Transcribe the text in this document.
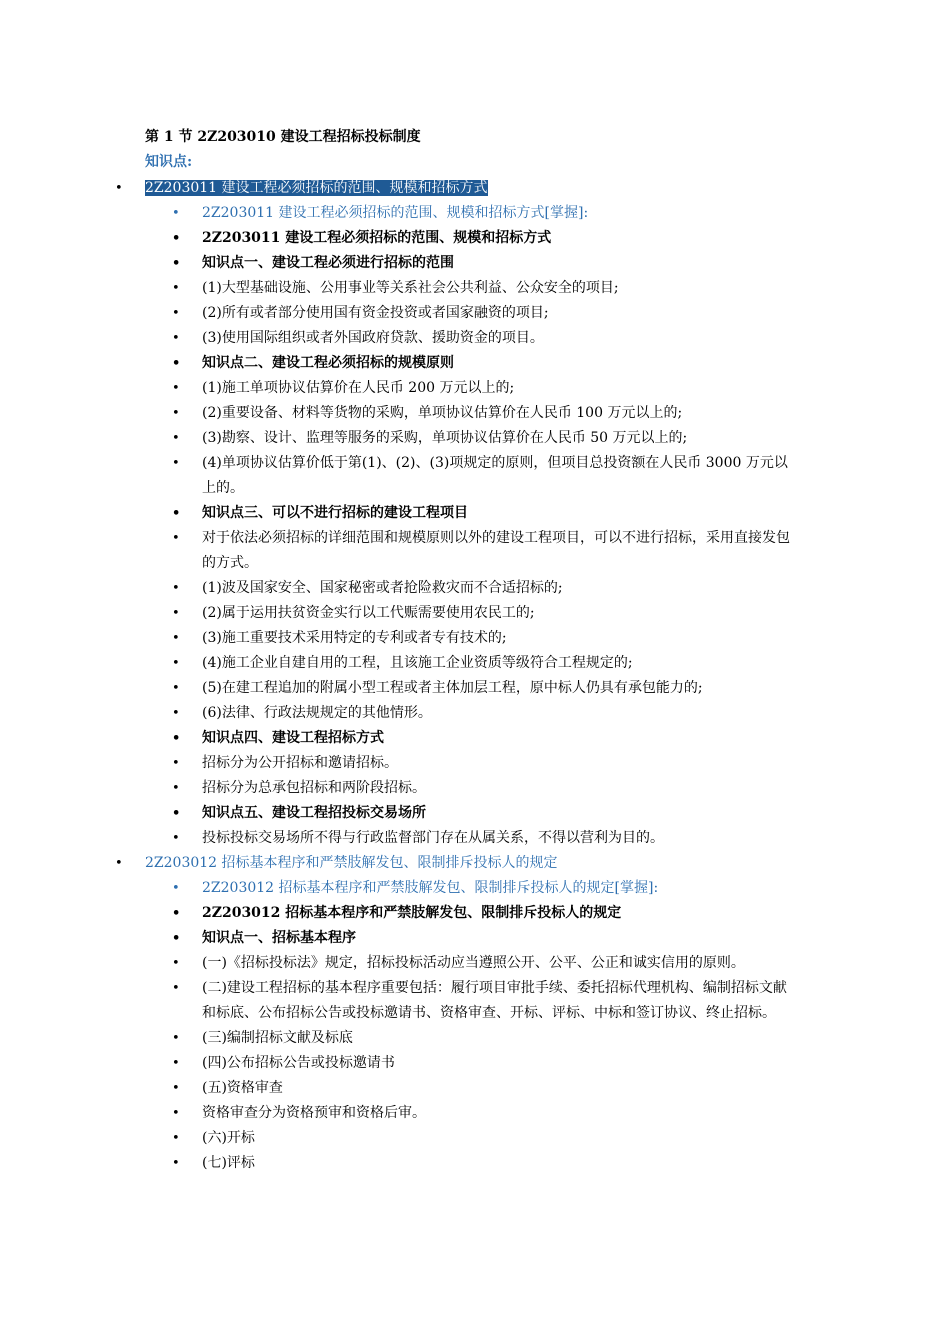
第 1 节 2Z203010 建设工程招标投标制度
知识点:
• 2Z203011 建设工程必须招标的范围、规模和招标方式
• 2Z203011 建设工程必须招标的范围、规模和招标方式[掌握]:
• 2Z203011 建设工程必须招标的范围、规模和招标方式
• 知识点一、建设工程必须进行招标的范围
• (1)大型基础设施、公用事业等关系社会公共利益、公众安全的项目;
• (2)所有或者部分使用国有资金投资或者国家融资的项目;
• (3)使用国际组织或者外国政府贷款、援助资金的项目。
• 知识点二、建设工程必须招标的规模原则
• (1)施工单项协议估算价在人民币 200 万元以上的;
• (2)重要设备、材料等货物的采购，单项协议估算价在人民币 100 万元以上的;
• (3)勘察、设计、监理等服务的采购，单项协议估算价在人民币 50 万元以上的;
• (4)单项协议估算价低于第(1)、(2)、(3)项规定的原则，但项目总投资额在人民币 3000 万元以上的。
• 知识点三、可以不进行招标的建设工程项目
• 对于依法必须招标的详细范围和规模原则以外的建设工程项目，可以不进行招标，采用直接发包的方式。
• (1)波及国家安全、国家秘密或者抢险救灾而不合适招标的;
• (2)属于运用扶贫资金实行以工代赈需要使用农民工的;
• (3)施工重要技术采用特定的专利或者专有技术的;
• (4)施工企业自建自用的工程，且该施工企业资质等级符合工程规定的;
• (5)在建工程追加的附属小型工程或者主体加层工程，原中标人仍具有承包能力的;
• (6)法律、行政法规规定的其他情形。
• 知识点四、建设工程招标方式
• 招标分为公开招标和邀请招标。
• 招标分为总承包招标和两阶段招标。
• 知识点五、建设工程招投标交易场所
• 投标投标交易场所不得与行政监督部门存在从属关系，不得以营利为目的。
• 2Z203012 招标基本程序和严禁肢解发包、限制排斥投标人的规定
• 2Z203012 招标基本程序和严禁肢解发包、限制排斥投标人的规定[掌握]:
• 2Z203012 招标基本程序和严禁肢解发包、限制排斥投标人的规定
• 知识点一、招标基本程序
• (一)《招标投标法》规定，招标投标活动应当遵照公开、公平、公正和诚实信用的原则。
• (二)建设工程招标的基本程序重要包括：履行项目审批手续、委托招标代理机构、编制招标文献和标底、公布招标公告或投标邀请书、资格审查、开标、评标、中标和签订协议、终止招标。
• (三)编制招标文献及标底
• (四)公布招标公告或投标邀请书
• (五)资格审查
• 资格审查分为资格预审和资格后审。
• (六)开标
• (七)评标
